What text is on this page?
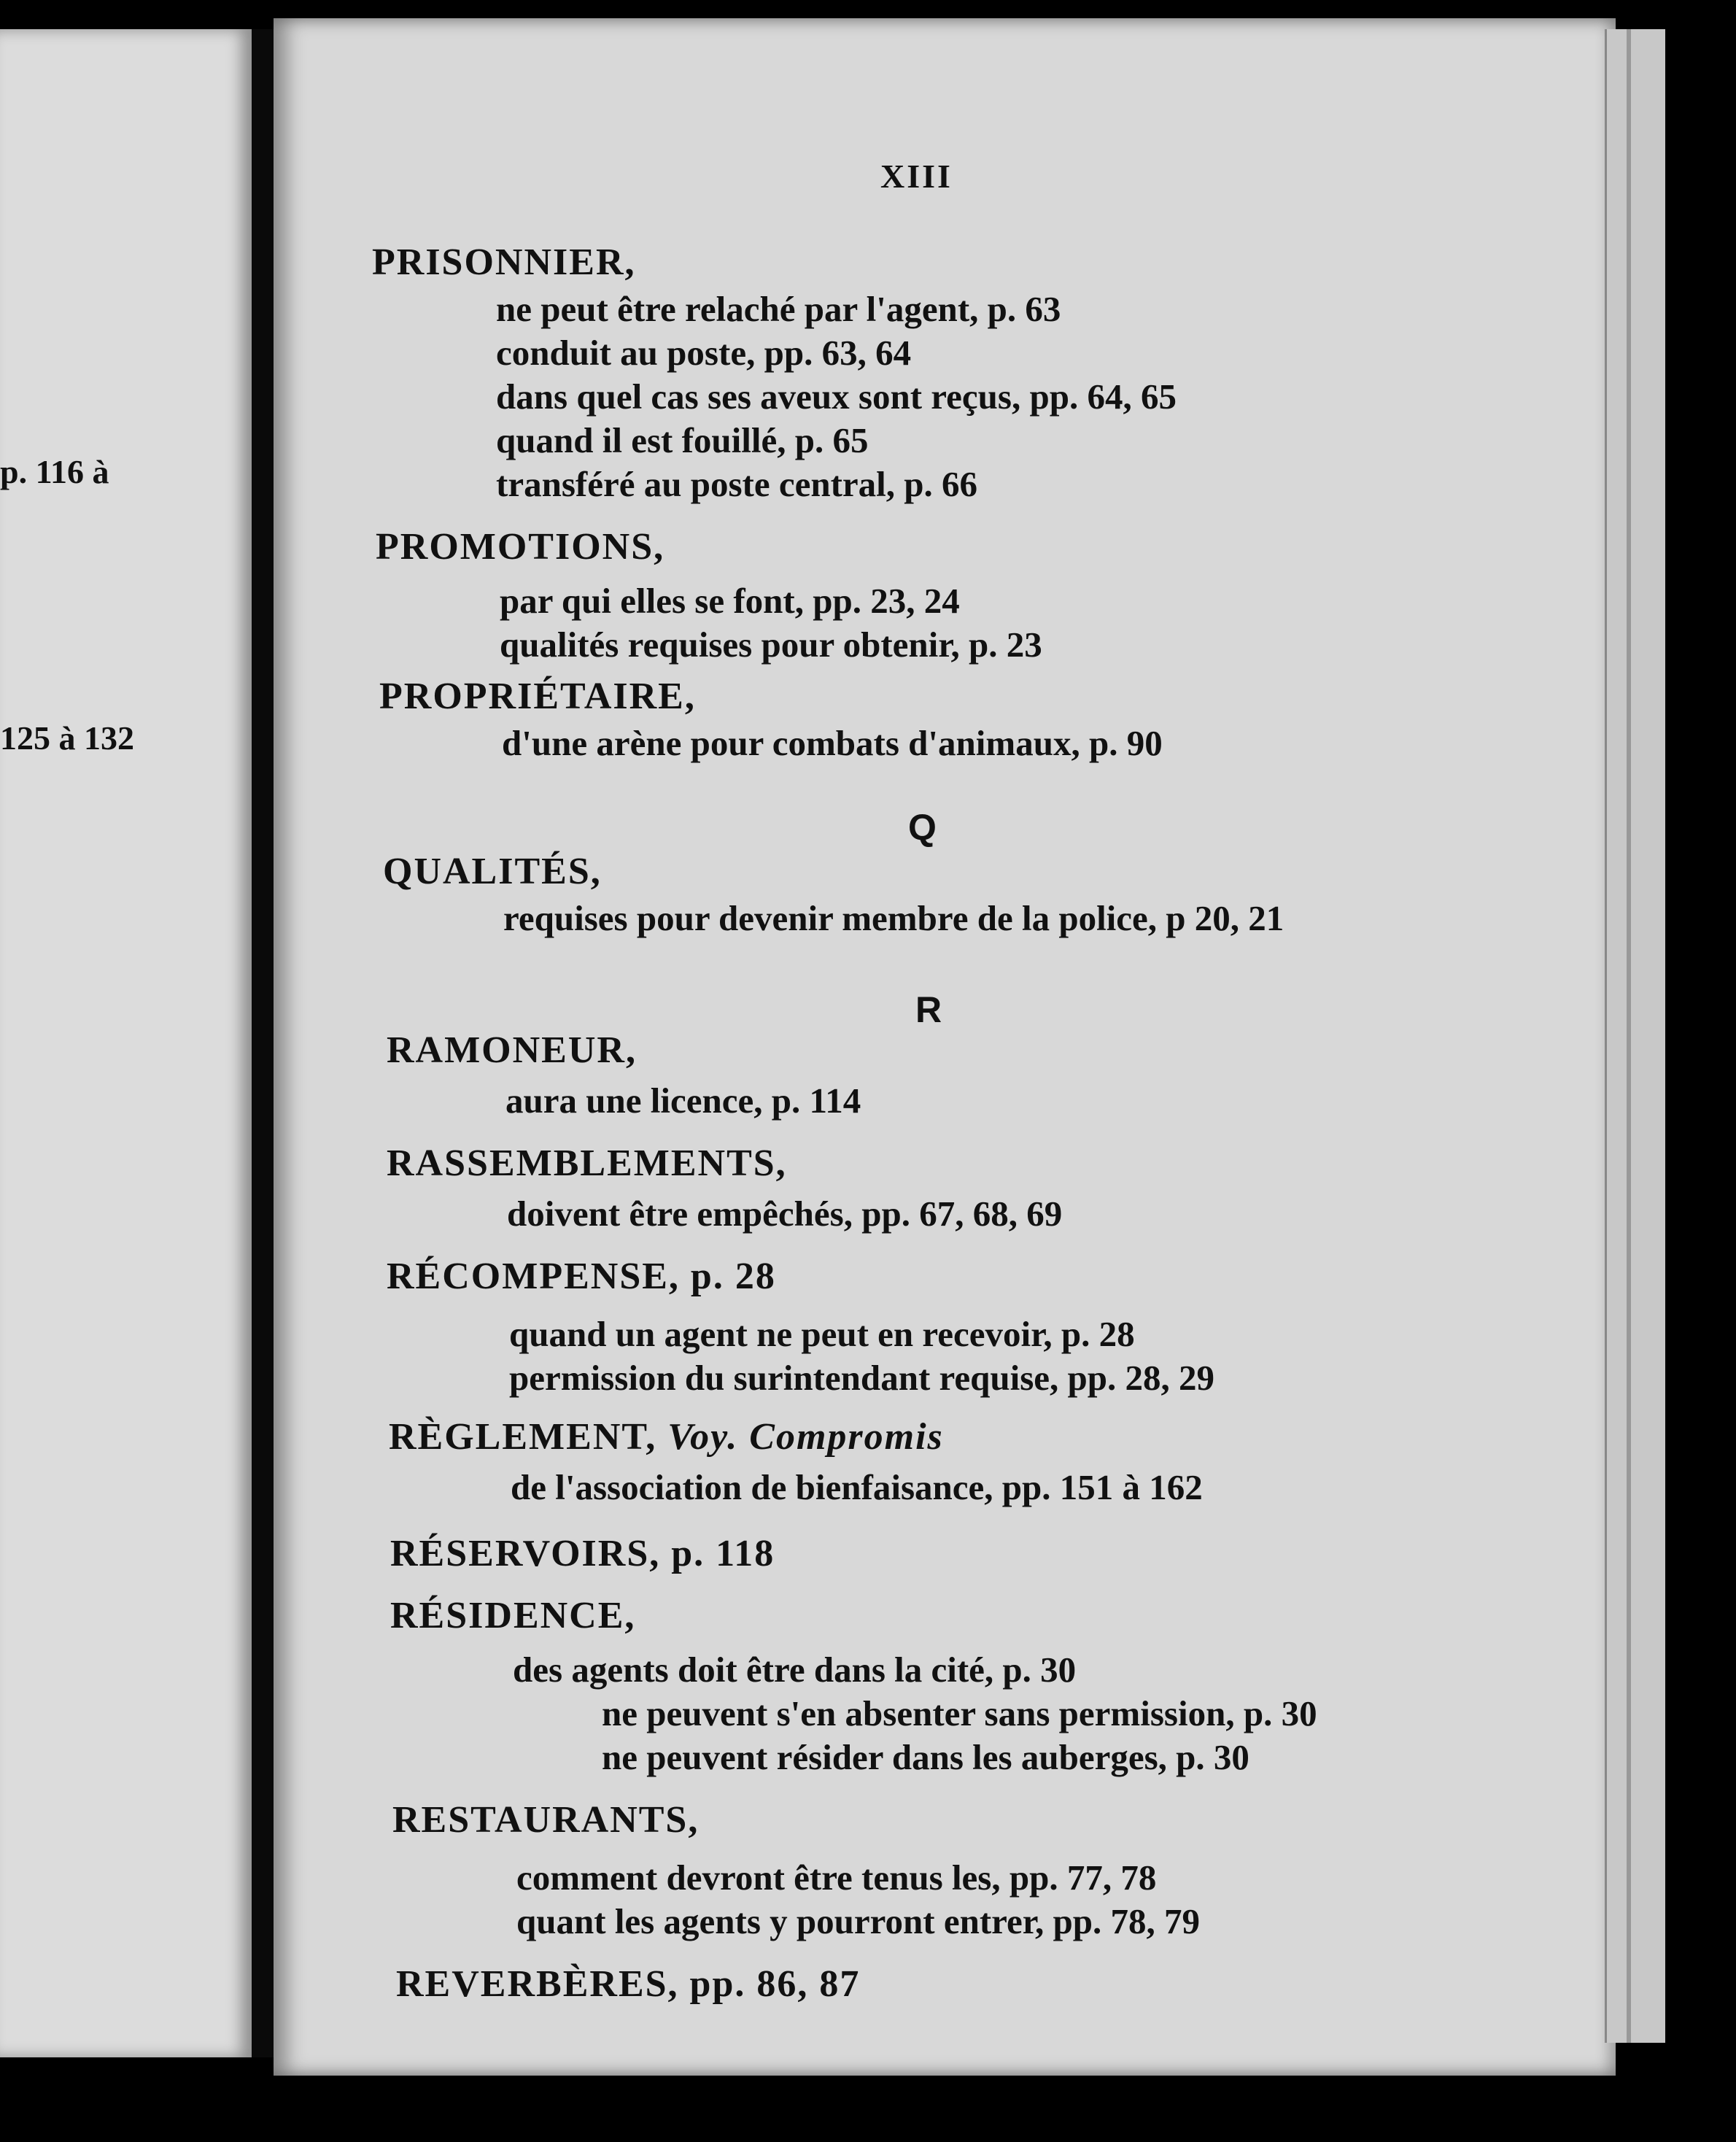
p. 116 à
125 à 132
XIII
PRISONNIER,
ne peut être relaché par l'agent, p. 63
conduit au poste, pp. 63, 64
dans quel cas ses aveux sont reçus, pp. 64, 65
quand il est fouillé, p. 65
transféré au poste central, p. 66
PROMOTIONS,
par qui elles se font, pp. 23, 24
qualités requises pour obtenir, p. 23
PROPRIÉTAIRE,
d'une arène pour combats d'animaux, p. 90
Q
QUALITÉS,
requises pour devenir membre de la police, p 20, 21
R
RAMONEUR,
aura une licence, p. 114
RASSEMBLEMENTS,
doivent être empêchés, pp. 67, 68, 69
RÉCOMPENSE, p. 28
quand un agent ne peut en recevoir, p. 28
permission du surintendant requise, pp. 28, 29
RÈGLEMENT, Voy. Compromis
de l'association de bienfaisance, pp. 151 à 162
RÉSERVOIRS, p. 118
RÉSIDENCE,
des agents doit être dans la cité, p. 30
ne peuvent s'en absenter sans permission, p. 30
ne peuvent résider dans les auberges, p. 30
RESTAURANTS,
comment devront être tenus les, pp. 77, 78
quant les agents y pourront entrer, pp. 78, 79
REVERBÈRES, pp. 86, 87
